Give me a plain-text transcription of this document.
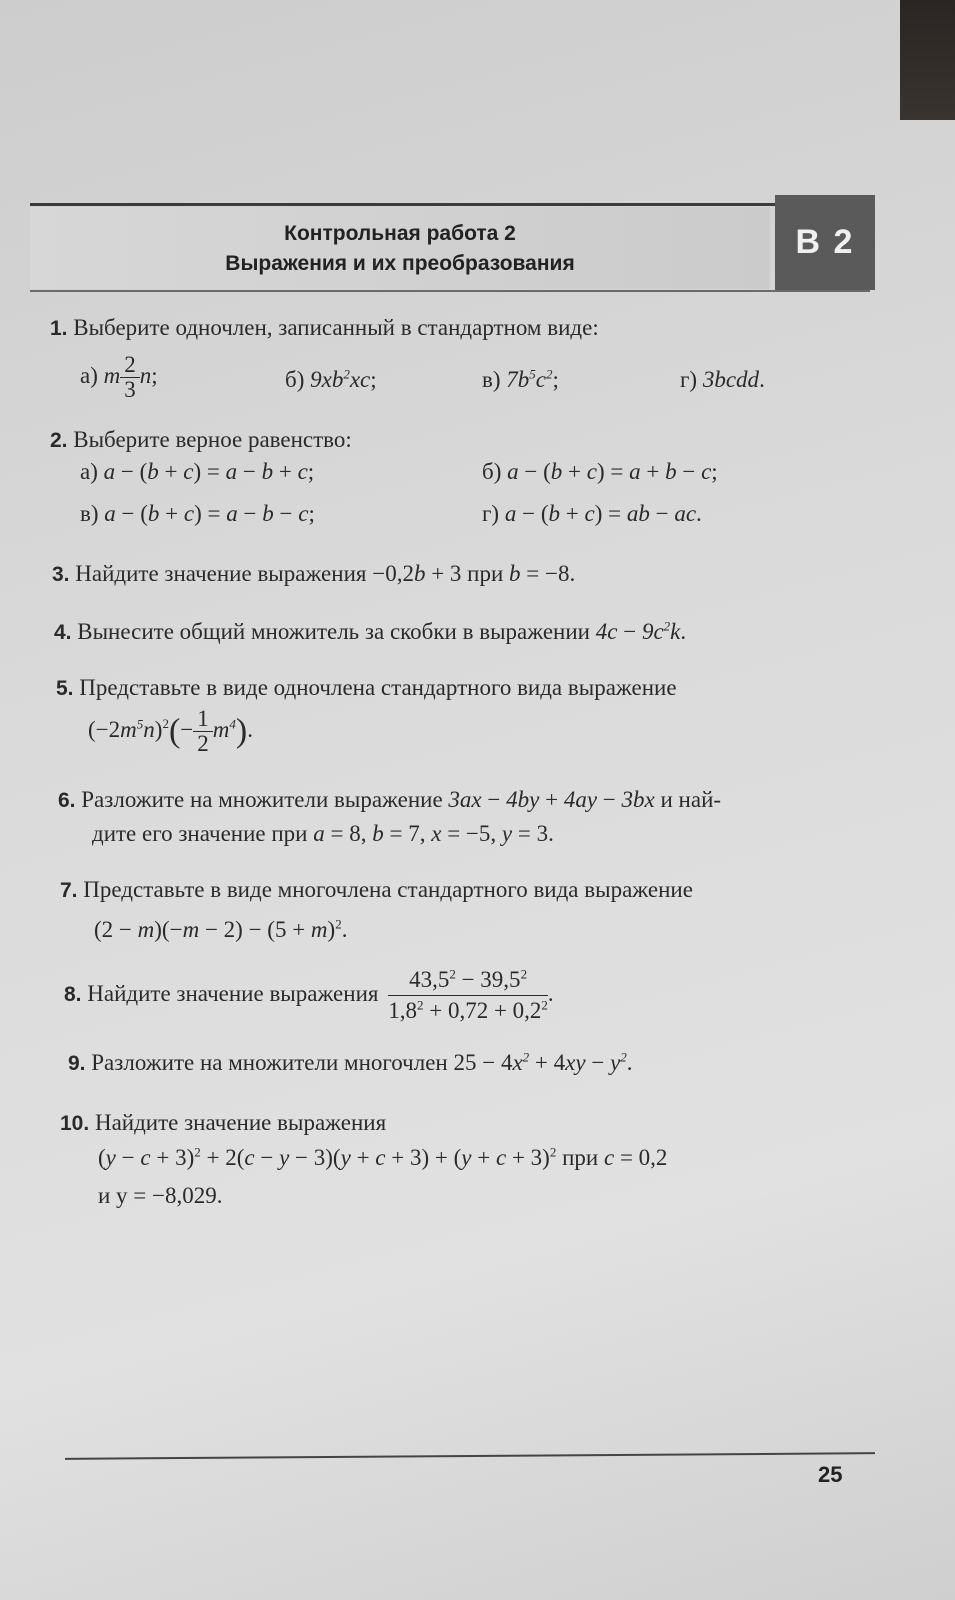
Контрольная работа 2
Выражения и их преобразования
В 2
1. Выберите одночлен, записанный в стандартном виде:
а) m $\frac{2}{3} n$;	б) $9xb^2xc$;	в) $7b^5c^2$;	г) 3bcdd.
2. Выберите верное равенство:
а) a − (b + c) = a − b + c;	б) a − (b + c) = a + b − c;
в) a − (b + c) = a − b − c;	г) a − (b + c) = ab − ac.
3. Найдите значение выражения −0,2b + 3 при b = −8.
4. Вынесите общий множитель за скобки в выражении $4c - 9c^2k$.
5. Представьте в виде одночлена стандартного вида выражение
$(-2m^5n)^2(- \frac{1}{2} m^4)$.
6. Разложите на множители выражение 3ax − 4by + 4ay − 3bx и най-
дите его значение при a = 8, b = 7, x = −5, y = 3.
7. Представьте в виде многочлена стандартного вида выражение
$(2 - m)(-m - 2) - (5 + m)^2$.
8. Найдите значение выражения $\frac{43,5^2 - 39,5^2}{1,8^2 + 0,72 + 0,2^2}$ .
9. Разложите на множители многочлен $25 - 4x^2 + 4xy - y^2$.
10. Найдите значение выражения
$(y - c + 3)^2 + 2(c - y - 3)(y + c + 3) + (y + c + 3)^2$ при c = 0,2
и y = −8,029.
25
